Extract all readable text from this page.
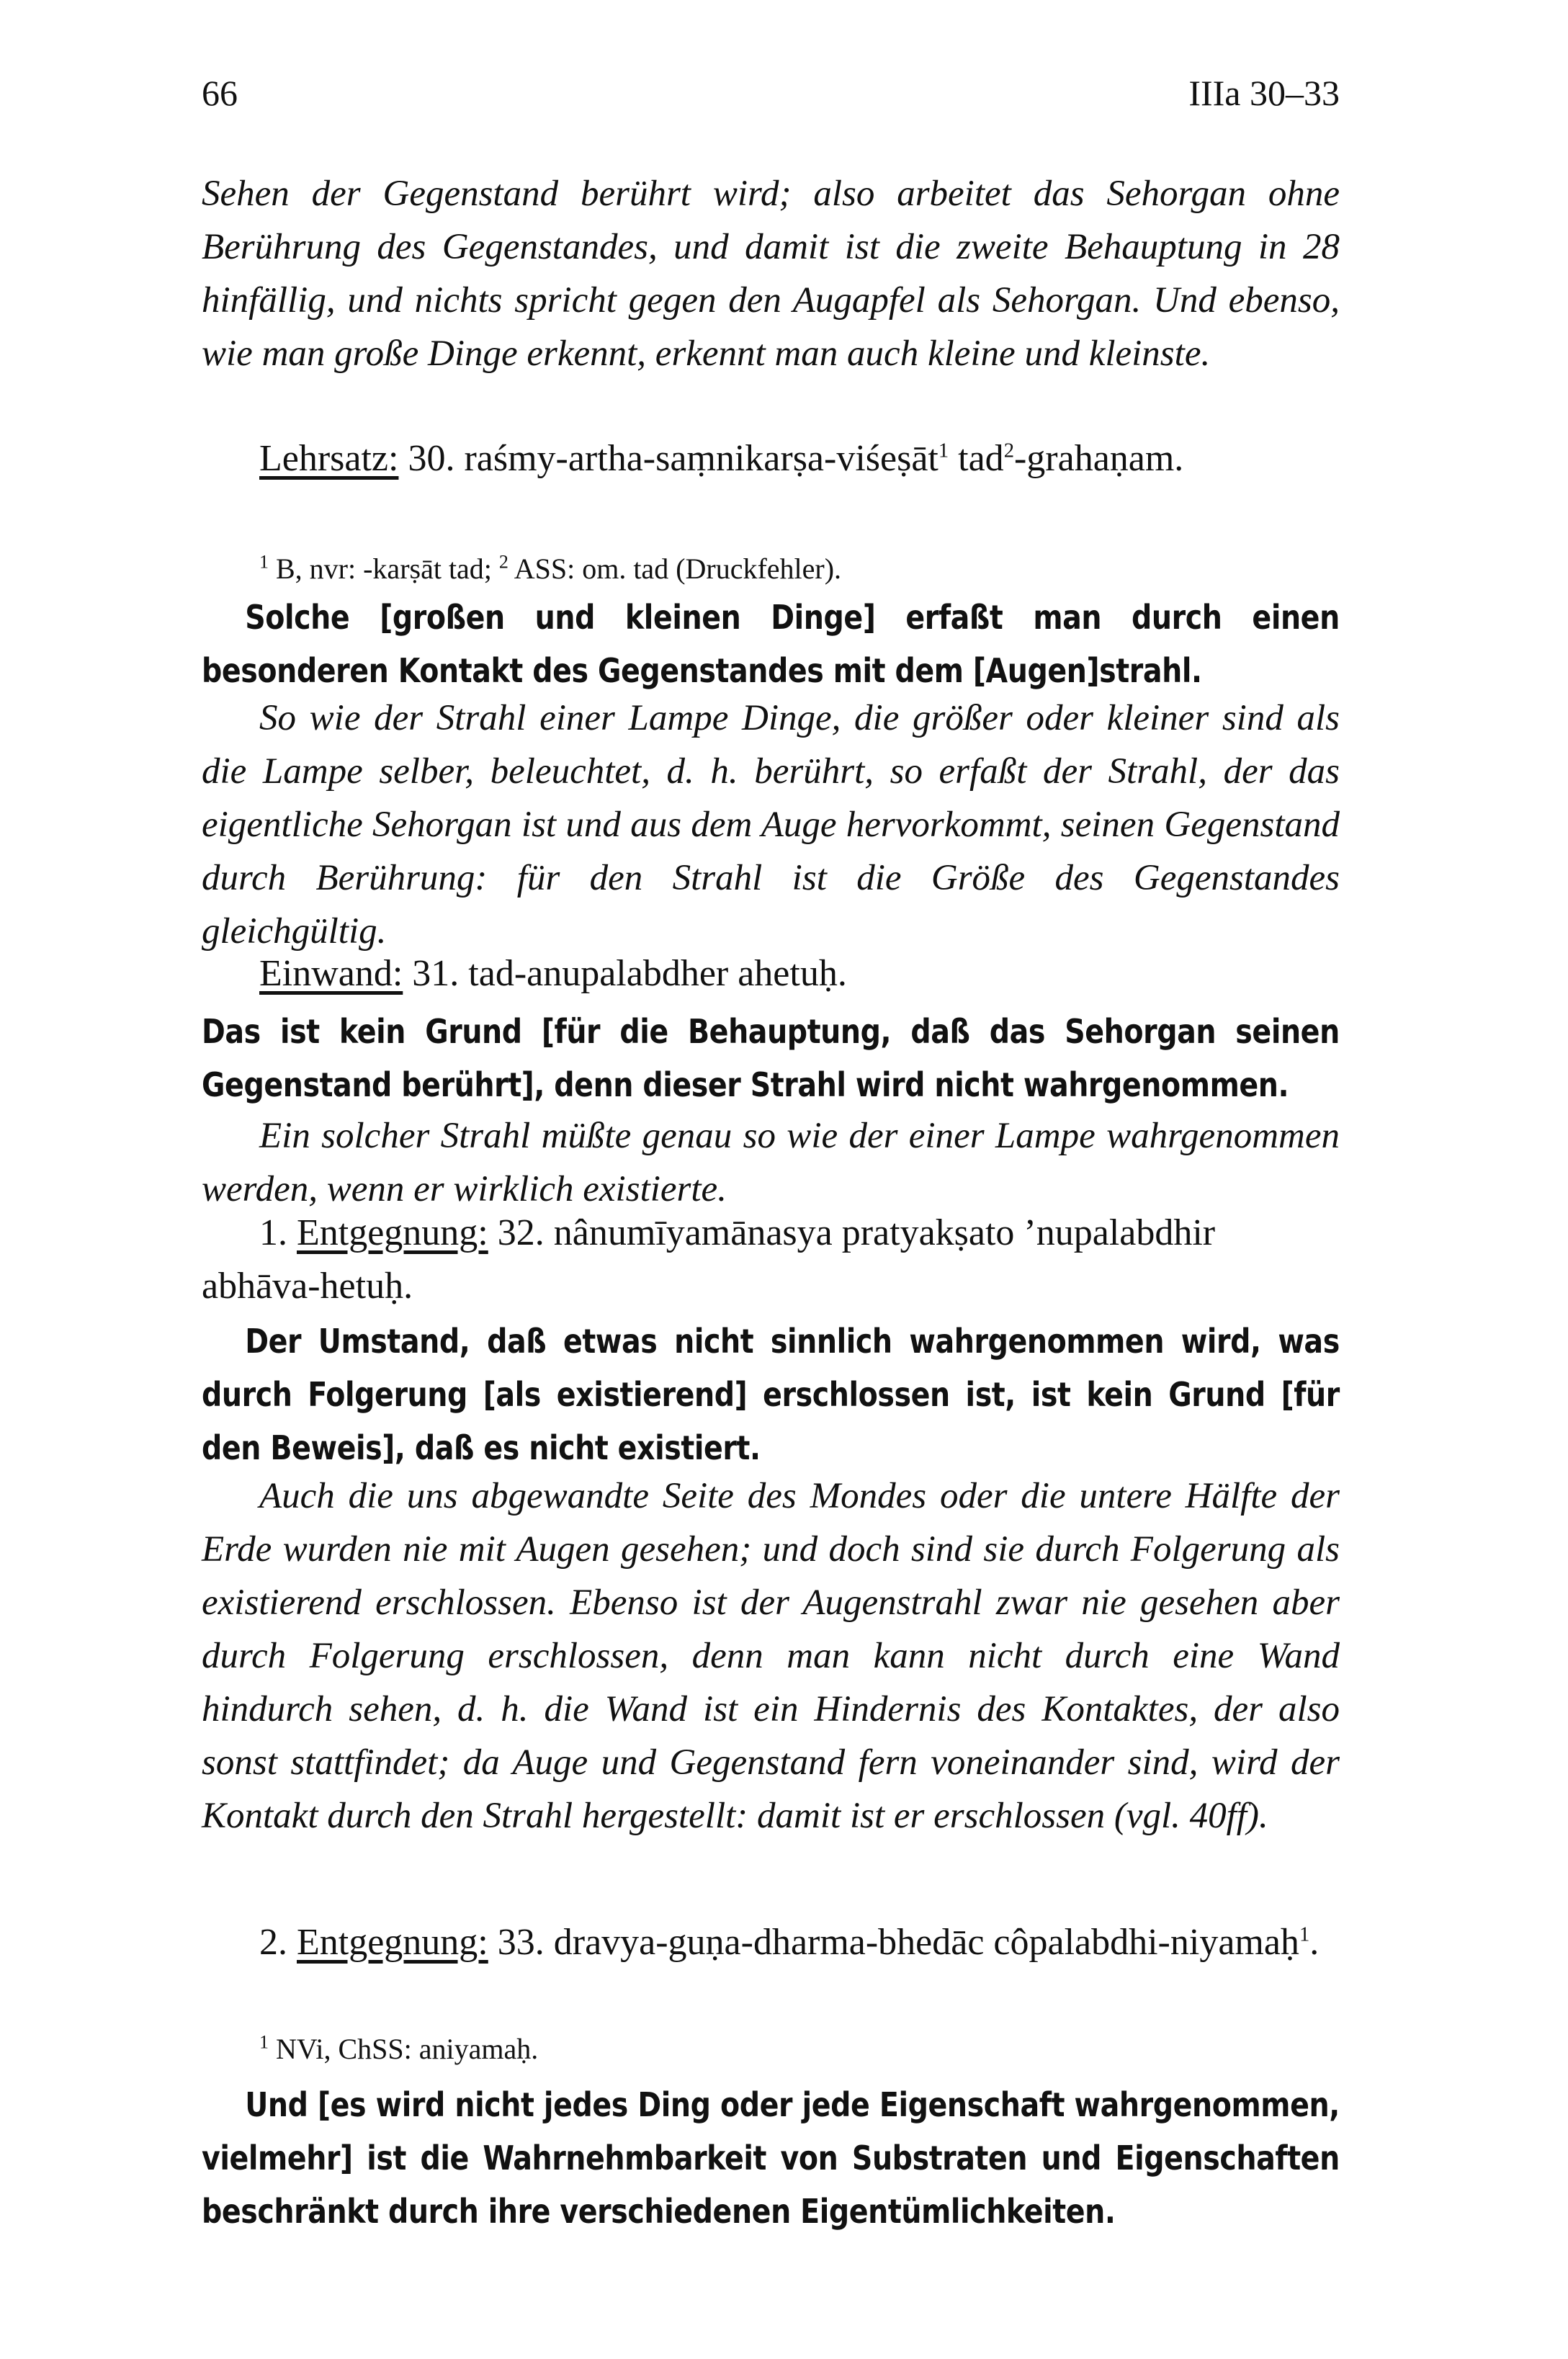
66	IIIa 30–33

Sehen der Gegenstand berührt wird; also arbeitet das Sehorgan ohne Berührung des Gegenstandes, und damit ist die zweite Behauptung in 28 hinfällig, und nichts spricht gegen den Augapfel als Sehorgan. Und ebenso, wie man große Dinge erkennt, erkennt man auch kleine und kleinste.

Lehrsatz: 30. raśmy-artha-saṃnikarṣa-viśeṣāt$^1$ tad$^2$-grahaṇam.

$^1$ B, nvr: -karṣāt tad; $^2$ ASS: om. tad (Druckfehler).

Solche [großen und kleinen Dinge] erfaßt man durch einen besonderen Kontakt des Gegenstandes mit dem [Augen]strahl.

So wie der Strahl einer Lampe Dinge, die größer oder kleiner sind als die Lampe selber, beleuchtet, d. h. berührt, so erfaßt der Strahl, der das eigentliche Sehorgan ist und aus dem Auge hervorkommt, seinen Gegenstand durch Berührung: für den Strahl ist die Größe des Gegenstandes gleichgültig.

Einwand: 31. tad-anupalabdher ahetuḥ.

Das ist kein Grund [für die Behauptung, daß das Sehorgan seinen Gegenstand berührt], denn dieser Strahl wird nicht wahrgenommen.

Ein solcher Strahl müßte genau so wie der einer Lampe wahrgenommen werden, wenn er wirklich existierte.

1. Entgegnung: 32. nânumīyamānasya pratyakṣato ’nupalabdhir abhāva-hetuḥ.

Der Umstand, daß etwas nicht sinnlich wahrgenommen wird, was durch Folgerung [als existierend] erschlossen ist, ist kein Grund [für den Beweis], daß es nicht existiert.

Auch die uns abgewandte Seite des Mondes oder die untere Hälfte der Erde wurden nie mit Augen gesehen; und doch sind sie durch Folgerung als existierend erschlossen. Ebenso ist der Augenstrahl zwar nie gesehen aber durch Folgerung erschlossen, denn man kann nicht durch eine Wand hindurch sehen, d. h. die Wand ist ein Hindernis des Kontaktes, der also sonst stattfindet; da Auge und Gegenstand fern voneinander sind, wird der Kontakt durch den Strahl hergestellt: damit ist er erschlossen (vgl. 40ff).

2. Entgegnung: 33. dravya-guṇa-dharma-bhedāc côpalabdhi-niyamaḥ$^1$.

$^1$ NVi, ChSS: aniyamaḥ.

Und [es wird nicht jedes Ding oder jede Eigenschaft wahrgenommen, vielmehr] ist die Wahrnehmbarkeit von Substraten und Eigenschaften beschränkt durch ihre verschiedenen Eigentümlichkeiten.
